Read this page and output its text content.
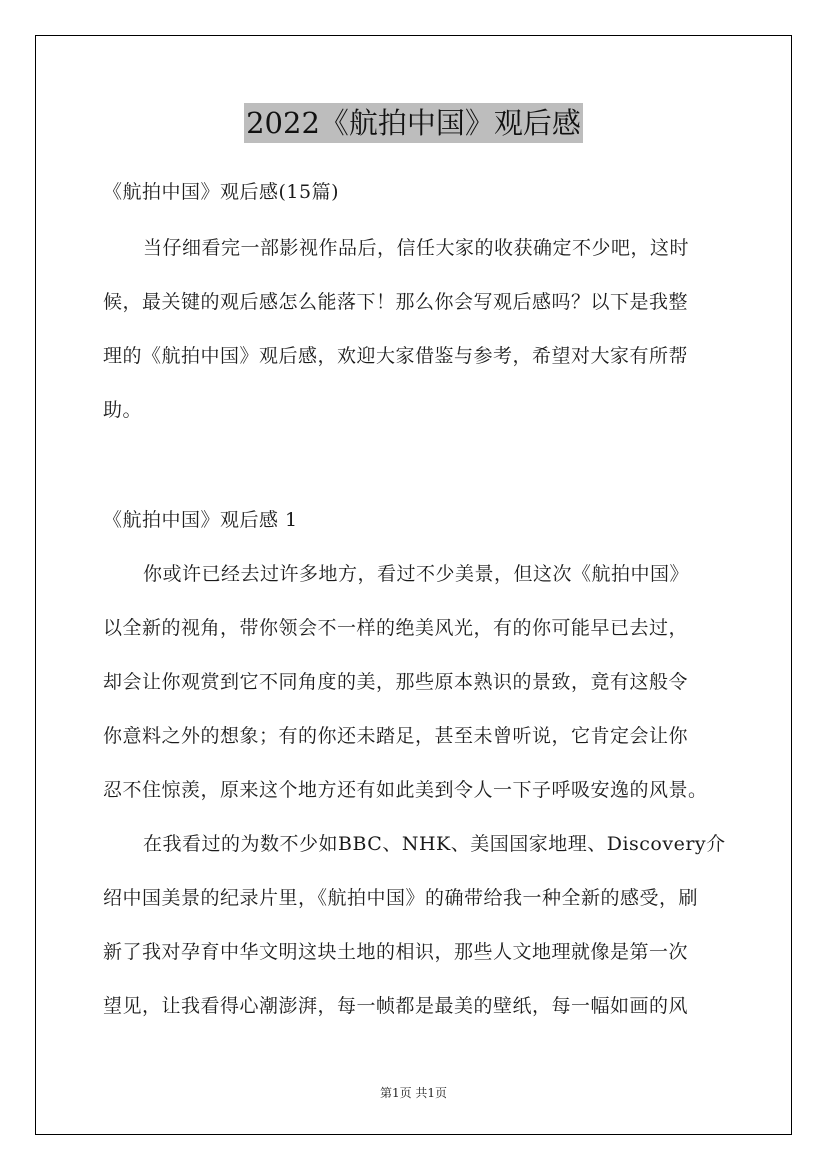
2022《航拍中国》观后感
《航拍中国》观后感(15篇)
当仔细看完一部影视作品后，信任大家的收获确定不少吧，这时
候，最关键的观后感怎么能落下！那么你会写观后感吗？以下是我整
理的《航拍中国》观后感，欢迎大家借鉴与参考，希望对大家有所帮
助。
《航拍中国》观后感 1
你或许已经去过许多地方，看过不少美景，但这次《航拍中国》
以全新的视角，带你领会不一样的绝美风光，有的你可能早已去过，
却会让你观赏到它不同角度的美，那些原本熟识的景致，竟有这般令
你意料之外的想象；有的你还未踏足，甚至未曾听说，它肯定会让你
忍不住惊羡，原来这个地方还有如此美到令人一下子呼吸安逸的风景。
在我看过的为数不少如BBC、NHK、美国国家地理、Discovery介
绍中国美景的纪录片里，《航拍中国》的确带给我一种全新的感受，刷
新了我对孕育中华文明这块土地的相识，那些人文地理就像是第一次
望见，让我看得心潮澎湃，每一帧都是最美的壁纸，每一幅如画的风
第1页 共1页
